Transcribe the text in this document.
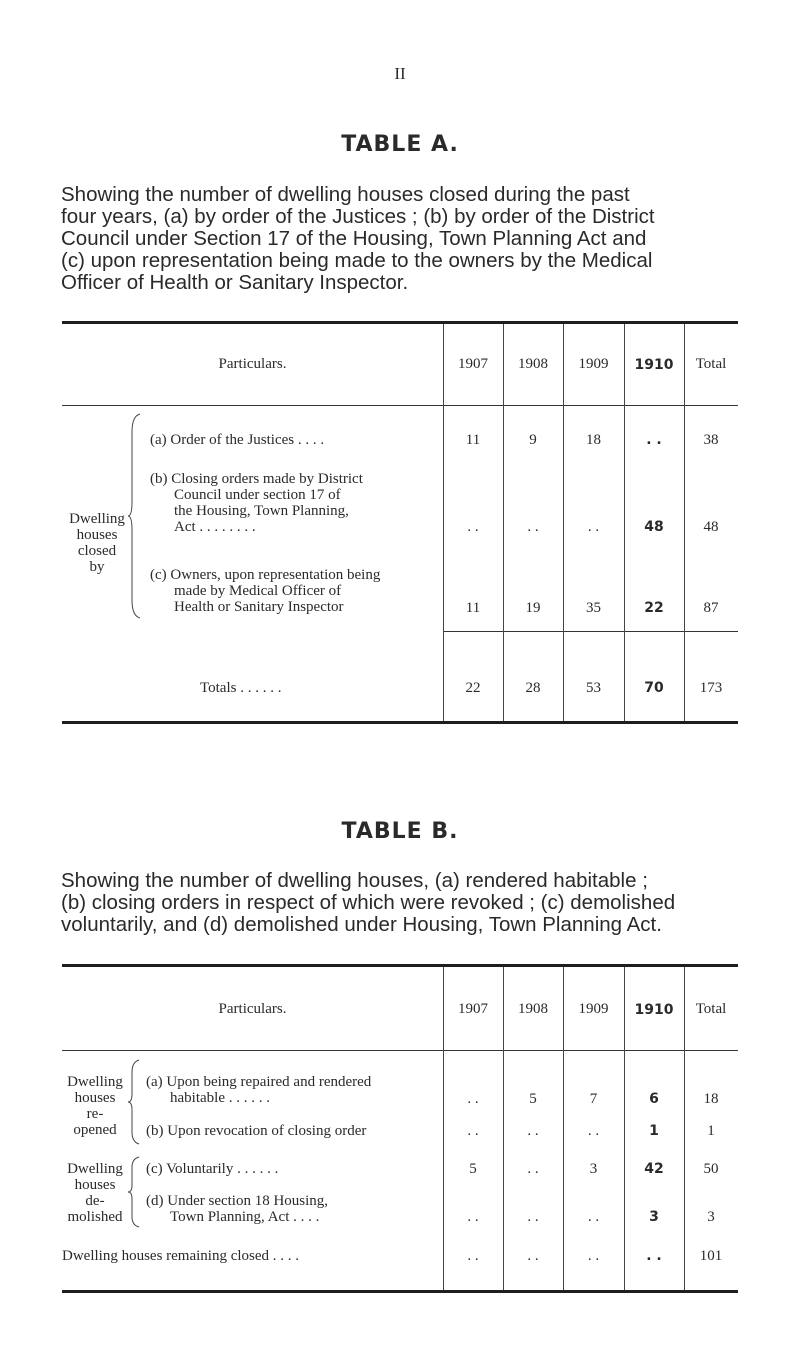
II
TABLE A.
Showing the number of dwelling houses closed during the past
four years, (a) by order of the Justices ; (b) by order of the District
Council under Section 17 of the Housing, Town Planning Act and
(c) upon representation being made to the owners by the Medical
Officer of Health or Sanitary Inspector.
Particulars.	1907	1908	1909	1910	Total
Dwelling
houses
closed
by
(a) Order of the Justices . . . .	11	9	18	. .	38
(b) Closing orders made by District
Council under section 17 of
the Housing, Town Planning,
Act . . . . . . . .	. .	. .	. .	48	48
(c) Owners, upon representation being
made by Medical Officer of
Health or Sanitary Inspector	11	19	35	22	87
Totals . . . . . .	22	28	53	70	173
TABLE B.
Showing the number of dwelling houses, (a) rendered habitable ;
(b) closing orders in respect of which were revoked ; (c) demolished
voluntarily, and (d) demolished under Housing, Town Planning Act.
Particulars.	1907	1908	1909	1910	Total
Dwelling
houses
re-
opened
Dwelling
houses
de-
molished
(a) Upon being repaired and rendered
habitable . . . . . .	. .	5	7	6	18
(b) Upon revocation of closing order	. .	. .	. .	1	1
(c) Voluntarily . . . . . .	5	. .	3	42	50
(d) Under section 18 Housing,
Town Planning, Act . . . .	. .	. .	. .	3	3
Dwelling houses remaining closed . . . .	. .	. .	. .	. .	101
